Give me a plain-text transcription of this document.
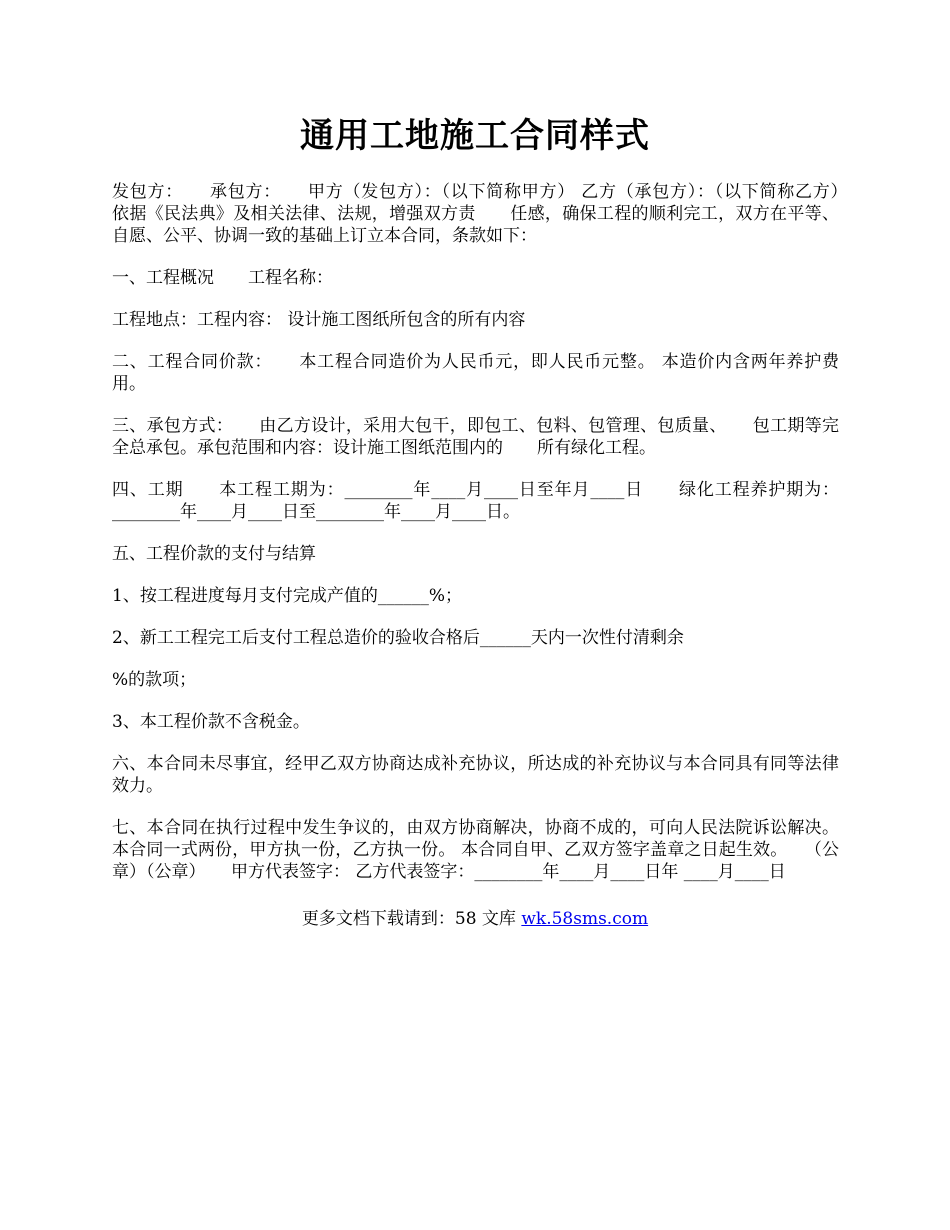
通用工地施工合同样式

发包方：　　承包方：　　甲方（发包方）：（以下简称甲方） 乙方（承包方）：（以下简称乙方）　　依据《民法典》及相关法律、法规，增强双方责　　任感，确保工程的顺利完工，双方在平等、自愿、公平、协调一致的基础上订立本合同，条款如下：

一、工程概况　　工程名称：

工程地点：工程内容： 设计施工图纸所包含的所有内容

二、工程合同价款：　　本工程合同造价为人民币元，即人民币元整。 本造价内含两年养护费用。

三、承包方式：　　由乙方设计，采用大包干，即包工、包料、包管理、包质量、　　包工期等完全总承包。承包范围和内容：设计施工图纸范围内的　　所有绿化工程。

四、工期　　本工程工期为：________年____月____日至年月____日　　绿化工程养护期为：________年____月____日至________年____月____日。

五、工程价款的支付与结算

1、按工程进度每月支付完成产值的______%；

2、新工工程完工后支付工程总造价的验收合格后______天内一次性付清剩余

%的款项；

3、本工程价款不含税金。

六、本合同未尽事宜，经甲乙双方协商达成补充协议，所达成的补充协议与本合同具有同等法律效力。

七、本合同在执行过程中发生争议的，由双方协商解决，协商不成的，可向人民法院诉讼解决。本合同一式两份，甲方执一份，乙方执一份。 本合同自甲、乙双方签字盖章之日起生效。　　（公章）（公章）　　甲方代表签字： 乙方代表签字：________年____月____日年 ____月____日

更多文档下载请到：58 文库 wk.58sms.com
